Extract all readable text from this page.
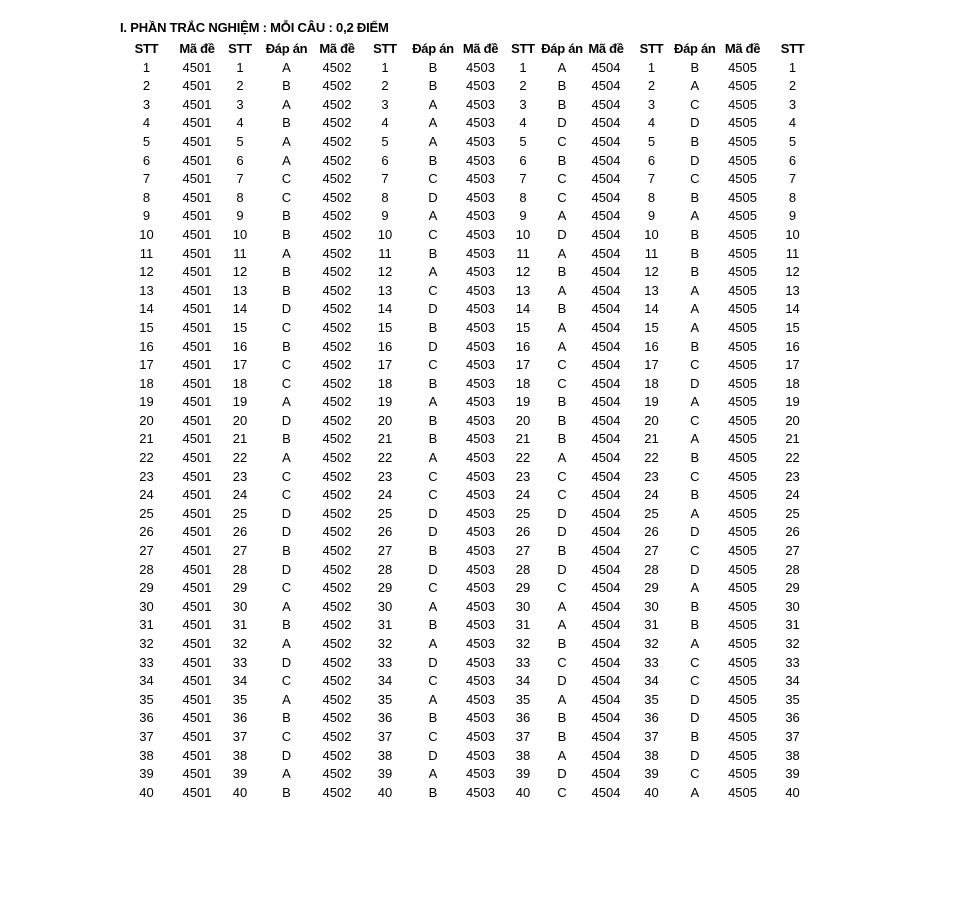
I. PHẦN TRẮC NGHIỆM : MỖI CÂU : 0,2 ĐIỂM
STT	Mã đề	STT	Đáp án	Mã đề	STT	Đáp án	Mã đề	STT	Đáp án	Mã đề	STT	Đáp án	Mã đề	STT
1	4501	1	A	4502	1	B	4503	1	A	4504	1	B	4505	1
2	4501	2	B	4502	2	B	4503	2	B	4504	2	A	4505	2
3	4501	3	A	4502	3	A	4503	3	B	4504	3	C	4505	3
4	4501	4	B	4502	4	A	4503	4	D	4504	4	D	4505	4
5	4501	5	A	4502	5	A	4503	5	C	4504	5	B	4505	5
6	4501	6	A	4502	6	B	4503	6	B	4504	6	D	4505	6
7	4501	7	C	4502	7	C	4503	7	C	4504	7	C	4505	7
8	4501	8	C	4502	8	D	4503	8	C	4504	8	B	4505	8
9	4501	9	B	4502	9	A	4503	9	A	4504	9	A	4505	9
10	4501	10	B	4502	10	C	4503	10	D	4504	10	B	4505	10
11	4501	11	A	4502	11	B	4503	11	A	4504	11	B	4505	11
12	4501	12	B	4502	12	A	4503	12	B	4504	12	B	4505	12
13	4501	13	B	4502	13	C	4503	13	A	4504	13	A	4505	13
14	4501	14	D	4502	14	D	4503	14	B	4504	14	A	4505	14
15	4501	15	C	4502	15	B	4503	15	A	4504	15	A	4505	15
16	4501	16	B	4502	16	D	4503	16	A	4504	16	B	4505	16
17	4501	17	C	4502	17	C	4503	17	C	4504	17	C	4505	17
18	4501	18	C	4502	18	B	4503	18	C	4504	18	D	4505	18
19	4501	19	A	4502	19	A	4503	19	B	4504	19	A	4505	19
20	4501	20	D	4502	20	B	4503	20	B	4504	20	C	4505	20
21	4501	21	B	4502	21	B	4503	21	B	4504	21	A	4505	21
22	4501	22	A	4502	22	A	4503	22	A	4504	22	B	4505	22
23	4501	23	C	4502	23	C	4503	23	C	4504	23	C	4505	23
24	4501	24	C	4502	24	C	4503	24	C	4504	24	B	4505	24
25	4501	25	D	4502	25	D	4503	25	D	4504	25	A	4505	25
26	4501	26	D	4502	26	D	4503	26	D	4504	26	D	4505	26
27	4501	27	B	4502	27	B	4503	27	B	4504	27	C	4505	27
28	4501	28	D	4502	28	D	4503	28	D	4504	28	D	4505	28
29	4501	29	C	4502	29	C	4503	29	C	4504	29	A	4505	29
30	4501	30	A	4502	30	A	4503	30	A	4504	30	B	4505	30
31	4501	31	B	4502	31	B	4503	31	A	4504	31	B	4505	31
32	4501	32	A	4502	32	A	4503	32	B	4504	32	A	4505	32
33	4501	33	D	4502	33	D	4503	33	C	4504	33	C	4505	33
34	4501	34	C	4502	34	C	4503	34	D	4504	34	C	4505	34
35	4501	35	A	4502	35	A	4503	35	A	4504	35	D	4505	35
36	4501	36	B	4502	36	B	4503	36	B	4504	36	D	4505	36
37	4501	37	C	4502	37	C	4503	37	B	4504	37	B	4505	37
38	4501	38	D	4502	38	D	4503	38	A	4504	38	D	4505	38
39	4501	39	A	4502	39	A	4503	39	D	4504	39	C	4505	39
40	4501	40	B	4502	40	B	4503	40	C	4504	40	A	4505	40
